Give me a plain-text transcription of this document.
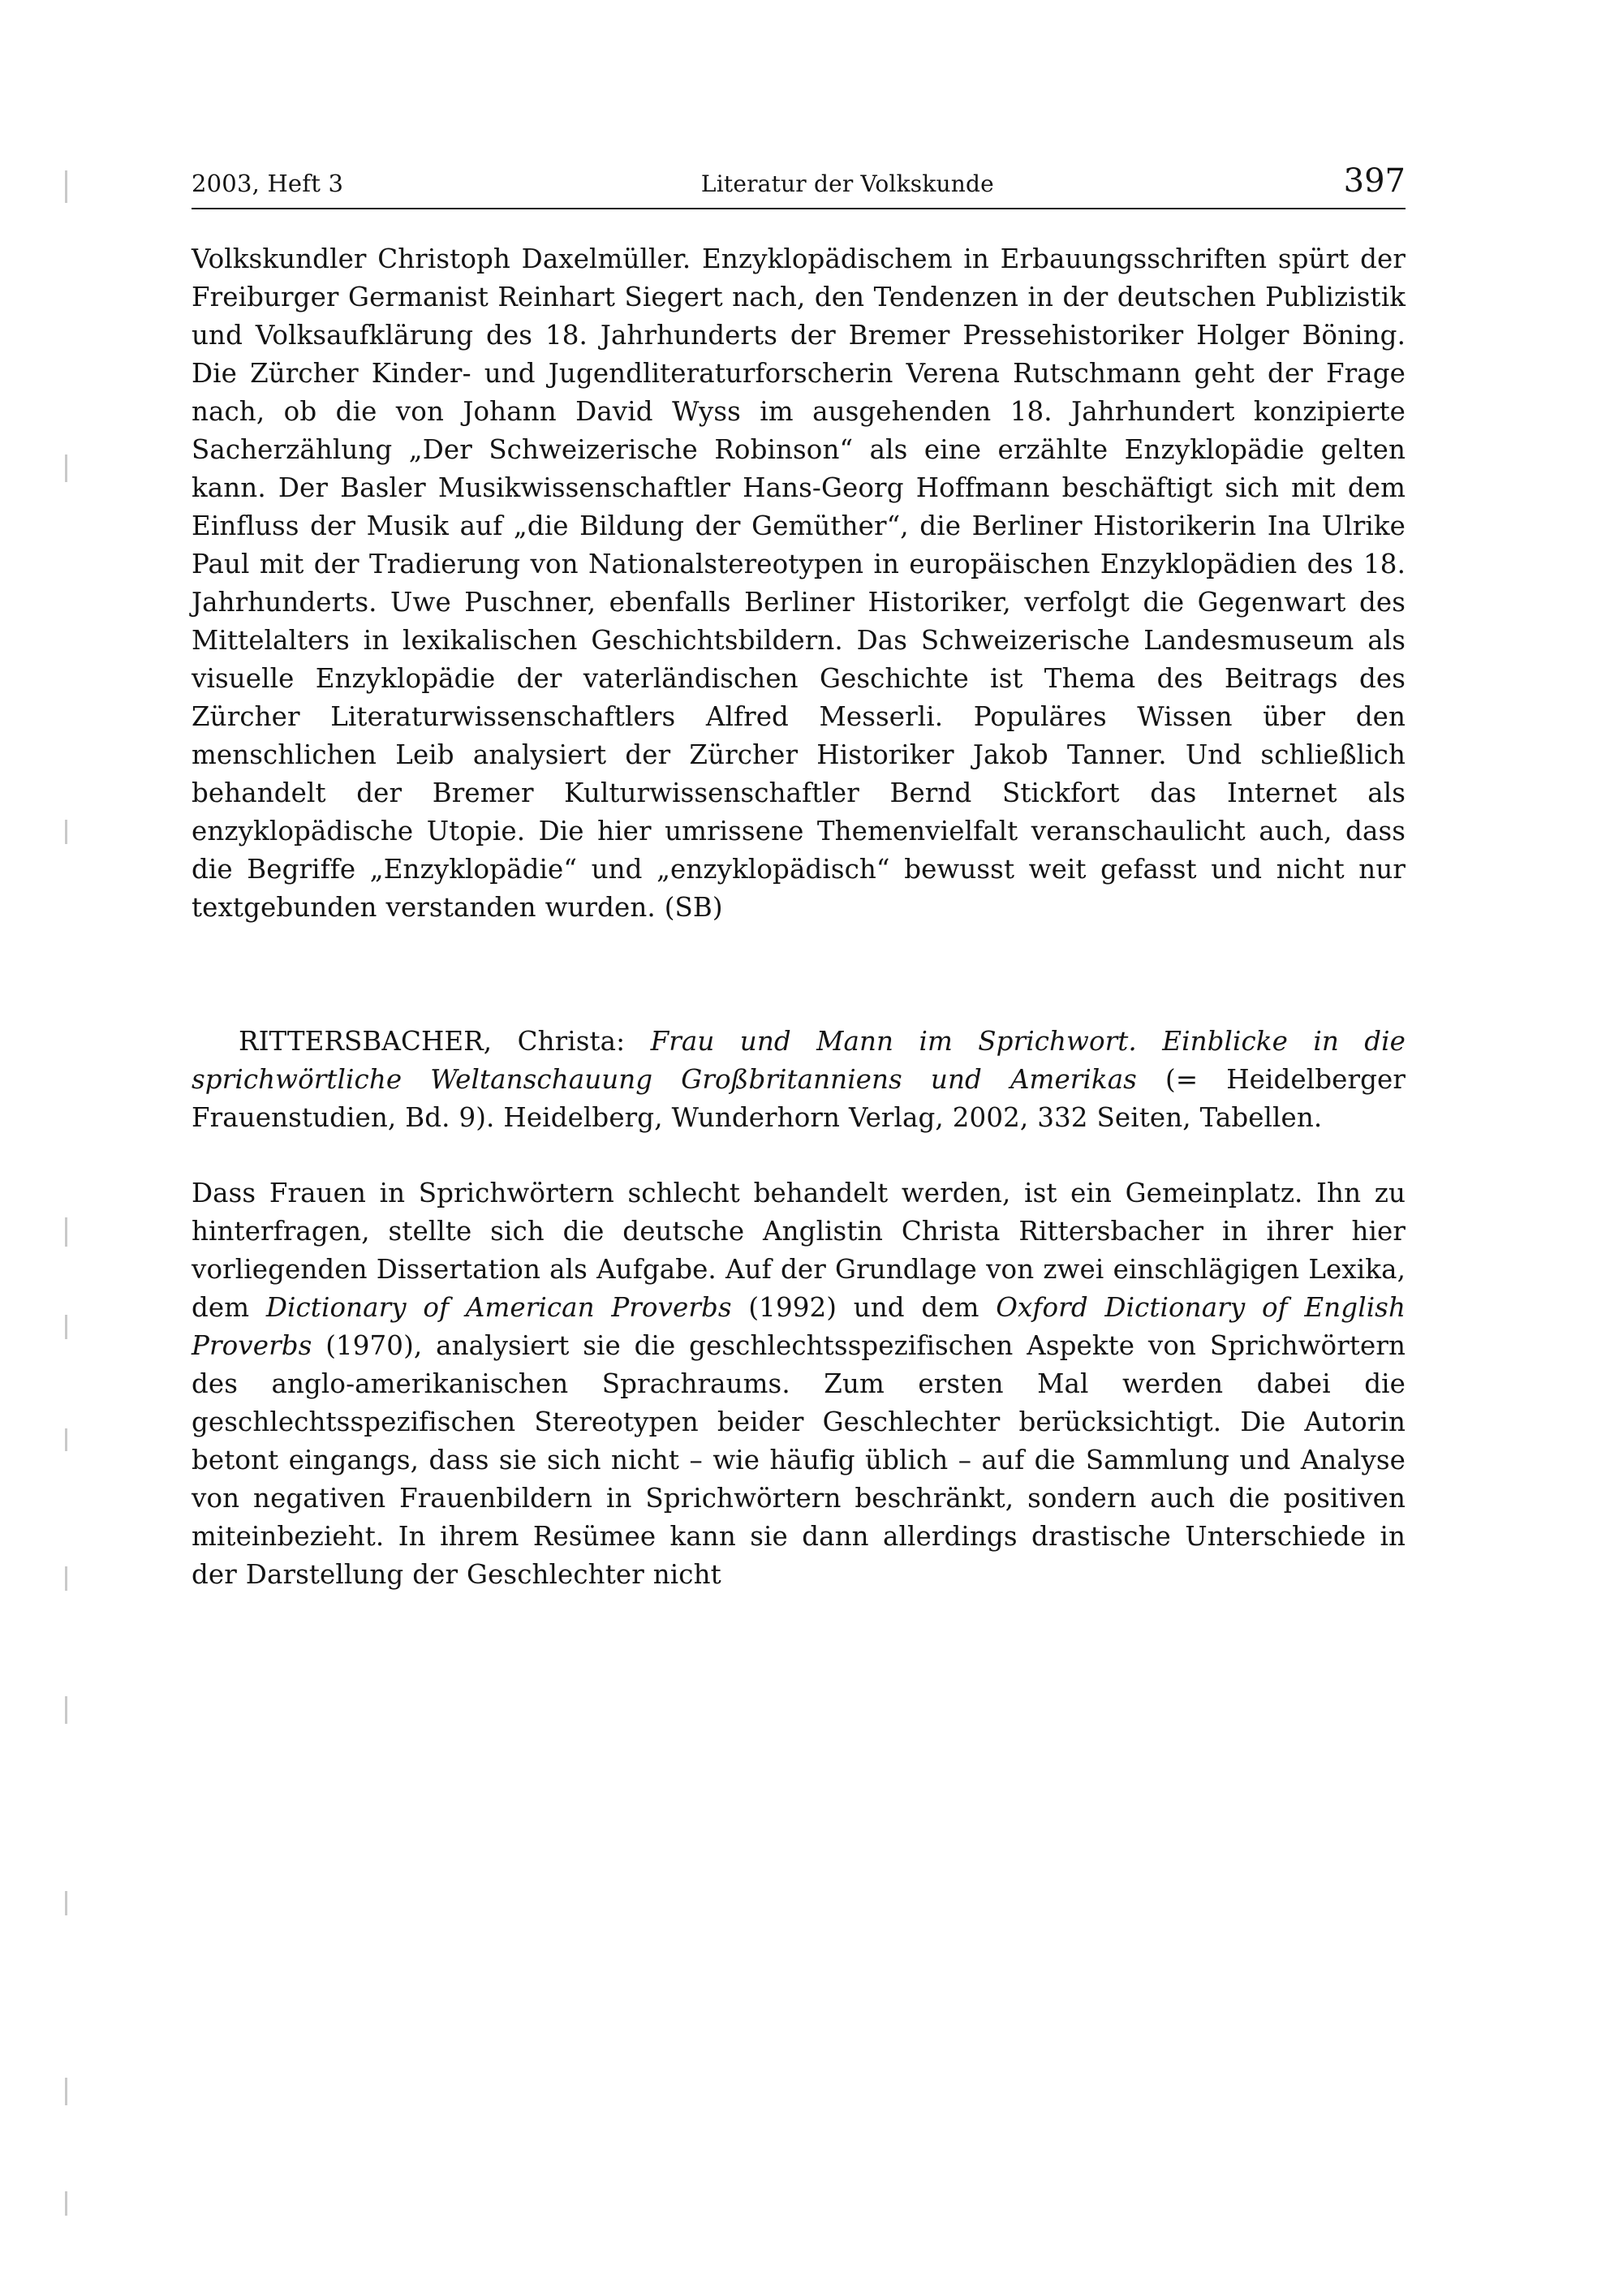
2003, Heft 3	Literatur der Volkskunde	397

Volkskundler Christoph Daxelmüller. Enzyklopädischem in Erbauungsschriften spürt der Freiburger Germanist Reinhart Siegert nach, den Tendenzen in der deutschen Publizistik und Volksaufklärung des 18. Jahrhunderts der Bremer Pressehistoriker Holger Böning. Die Zürcher Kinder- und Jugendliteraturforscherin Verena Rutschmann geht der Frage nach, ob die von Johann David Wyss im ausgehenden 18. Jahrhundert konzipierte Sacherzählung „Der Schweizerische Robinson“ als eine erzählte Enzyklopädie gelten kann. Der Basler Musikwissenschaftler Hans-Georg Hoffmann beschäftigt sich mit dem Einfluss der Musik auf „die Bildung der Gemüther“, die Berliner Historikerin Ina Ulrike Paul mit der Tradierung von Nationalstereotypen in europäischen Enzyklopädien des 18. Jahrhunderts. Uwe Puschner, ebenfalls Berliner Historiker, verfolgt die Gegenwart des Mittelalters in lexikalischen Geschichtsbildern. Das Schweizerische Landesmuseum als visuelle Enzyklopädie der vaterländischen Geschichte ist Thema des Beitrags des Zürcher Literaturwissenschaftlers Alfred Messerli. Populäres Wissen über den menschlichen Leib analysiert der Zürcher Historiker Jakob Tanner. Und schließlich behandelt der Bremer Kulturwissenschaftler Bernd Stickfort das Internet als enzyklopädische Utopie. Die hier umrissene Themenvielfalt veranschaulicht auch, dass die Begriffe „Enzyklopädie“ und „enzyklopädisch“ bewusst weit gefasst und nicht nur textgebunden verstanden wurden. (SB)

RITTERSBACHER, Christa: Frau und Mann im Sprichwort. Einblicke in die sprichwörtliche Weltanschauung Großbritanniens und Amerikas (= Heidelberger Frauenstudien, Bd. 9). Heidelberg, Wunderhorn Verlag, 2002, 332 Seiten, Tabellen.

Dass Frauen in Sprichwörtern schlecht behandelt werden, ist ein Gemeinplatz. Ihn zu hinterfragen, stellte sich die deutsche Anglistin Christa Rittersbacher in ihrer hier vorliegenden Dissertation als Aufgabe. Auf der Grundlage von zwei einschlägigen Lexika, dem Dictionary of American Proverbs (1992) und dem Oxford Dictionary of English Proverbs (1970), analysiert sie die geschlechtsspezifischen Aspekte von Sprichwörtern des anglo-amerikanischen Sprachraums. Zum ersten Mal werden dabei die geschlechtsspezifischen Stereotypen beider Geschlechter berücksichtigt. Die Autorin betont eingangs, dass sie sich nicht – wie häufig üblich – auf die Sammlung und Analyse von negativen Frauenbildern in Sprichwörtern beschränkt, sondern auch die positiven miteinbezieht. In ihrem Resümee kann sie dann allerdings drastische Unterschiede in der Darstellung der Geschlechter nicht
